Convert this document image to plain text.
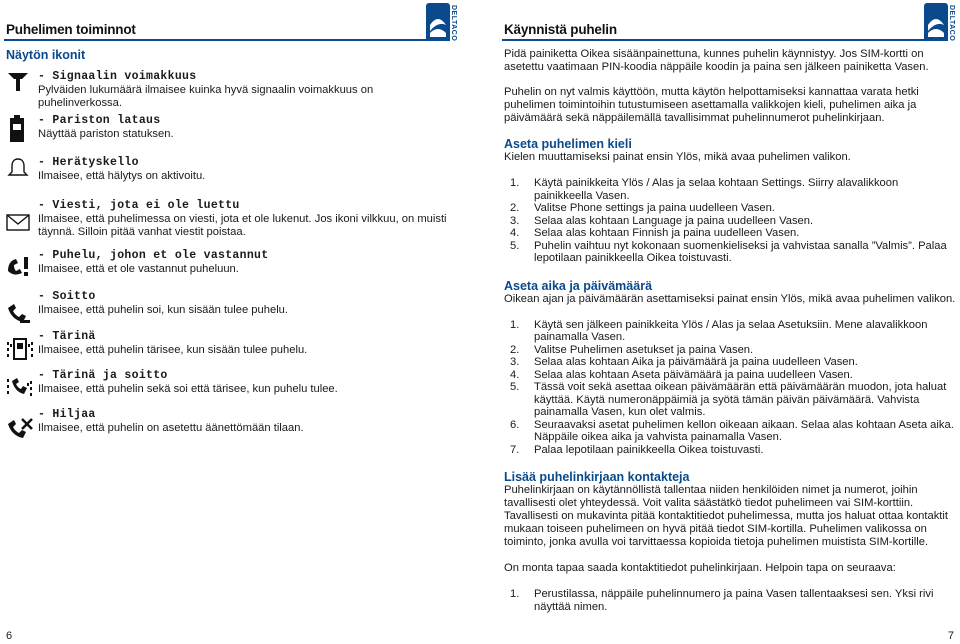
Puhelimen toiminnot	DELTACO
Näytön ikonit
- Signaalin voimakkuus
Pylväiden lukumäärä ilmaisee kuinka hyvä signaalin voimakkuus on puhelinverkossa.
- Pariston lataus
Näyttää pariston statuksen.
- Herätyskello
Ilmaisee, että hälytys on aktivoitu.
- Viesti, jota ei ole luettu
Ilmaisee, että puhelimessa on viesti, jota et ole lukenut. Jos ikoni vilkkuu, on muisti täynnä. Silloin pitää vanhat viestit poistaa.
- Puhelu, johon et ole vastannut
Ilmaisee, että et ole vastannut puheluun.
- Soitto
Ilmaisee, että puhelin soi, kun sisään tulee puhelu.
- Tärinä
Ilmaisee, että puhelin tärisee, kun sisään tulee puhelu.
- Tärinä ja soitto
Ilmaisee, että puhelin sekä soi että tärisee, kun puhelu tulee.
- Hiljaa
Ilmaisee, että puhelin on asetettu äänettömään tilaan.
6
Käynnistä puhelin	DELTACO
Pidä painiketta Oikea sisäänpainettuna, kunnes puhelin käynnistyy. Jos SIM-kortti on asetettu vaatimaan PIN-koodia näppäile koodin ja paina sen jälkeen painiketta Vasen.
Puhelin on nyt valmis käyttöön, mutta käytön helpottamiseksi kannattaa varata hetki puhelimen toimintoihin tutustumiseen asettamalla valikkojen kieli, puhelimen aika ja päivämäärä sekä näppäilemällä tavallisimmat puhelinnumerot puhelinkirjaan.
Aseta puhelimen kieli
Kielen muuttamiseksi painat ensin Ylös, mikä avaa puhelimen valikon.
1. Käytä painikkeita Ylös / Alas ja selaa kohtaan Settings. Siirry alavalikkoon painikkeella Vasen.
2. Valitse Phone settings ja paina uudelleen Vasen.
3. Selaa alas kohtaan Language ja paina uudelleen Vasen.
4. Selaa alas kohtaan Finnish ja paina uudelleen Vasen.
5. Puhelin vaihtuu nyt kokonaan suomenkieliseksi ja vahvistaa sanalla ”Valmis”. Palaa lepotilaan painikkeella Oikea toistuvasti.
Aseta aika ja päivämäärä
Oikean ajan ja päivämäärän asettamiseksi painat ensin Ylös, mikä avaa puhelimen valikon.
1. Käytä sen jälkeen painikkeita Ylös / Alas ja selaa Asetuksiin. Mene alavalikkoon painamalla Vasen.
2. Valitse Puhelimen asetukset ja paina Vasen.
3. Selaa alas kohtaan Aika ja päivämäärä ja paina uudelleen Vasen.
4. Selaa alas kohtaan Aseta päivämäärä ja paina uudelleen Vasen.
5. Tässä voit sekä asettaa oikean päivämäärän että päivämäärän muodon, jota haluat käyttää. Käytä numeronäppäimiä ja syötä tämän päivän päivämäärä. Vahvista painamalla Vasen, kun olet valmis.
6. Seuraavaksi asetat puhelimen kellon oikeaan aikaan. Selaa alas kohtaan Aseta aika. Näppäile oikea aika ja vahvista painamalla Vasen.
7. Palaa lepotilaan painikkeella Oikea toistuvasti.
Lisää puhelinkirjaan kontakteja
Puhelinkirjaan on käytännöllistä tallentaa niiden henkilöiden nimet ja numerot, joihin tavallisesti olet yhteydessä. Voit valita säästätkö tiedot puhelimeen vai SIM-korttiin. Tavallisesti on mukavinta pitää kontaktitiedot puhelimessa, mutta jos haluat ottaa kontaktit mukaan toiseen puhelimeen on hyvä pitää tiedot SIM-kortilla. Puhelimen valikossa on toiminto, jonka avulla voi tarvittaessa kopioida tietoja puhelimen muistista SIM-kortille.
On monta tapaa saada kontaktitiedot puhelinkirjaan. Helpoin tapa on seuraava:
1. Perustilassa, näppäile puhelinnumero ja paina Vasen tallentaaksesi sen. Yksi rivi näyttää nimen.
7
